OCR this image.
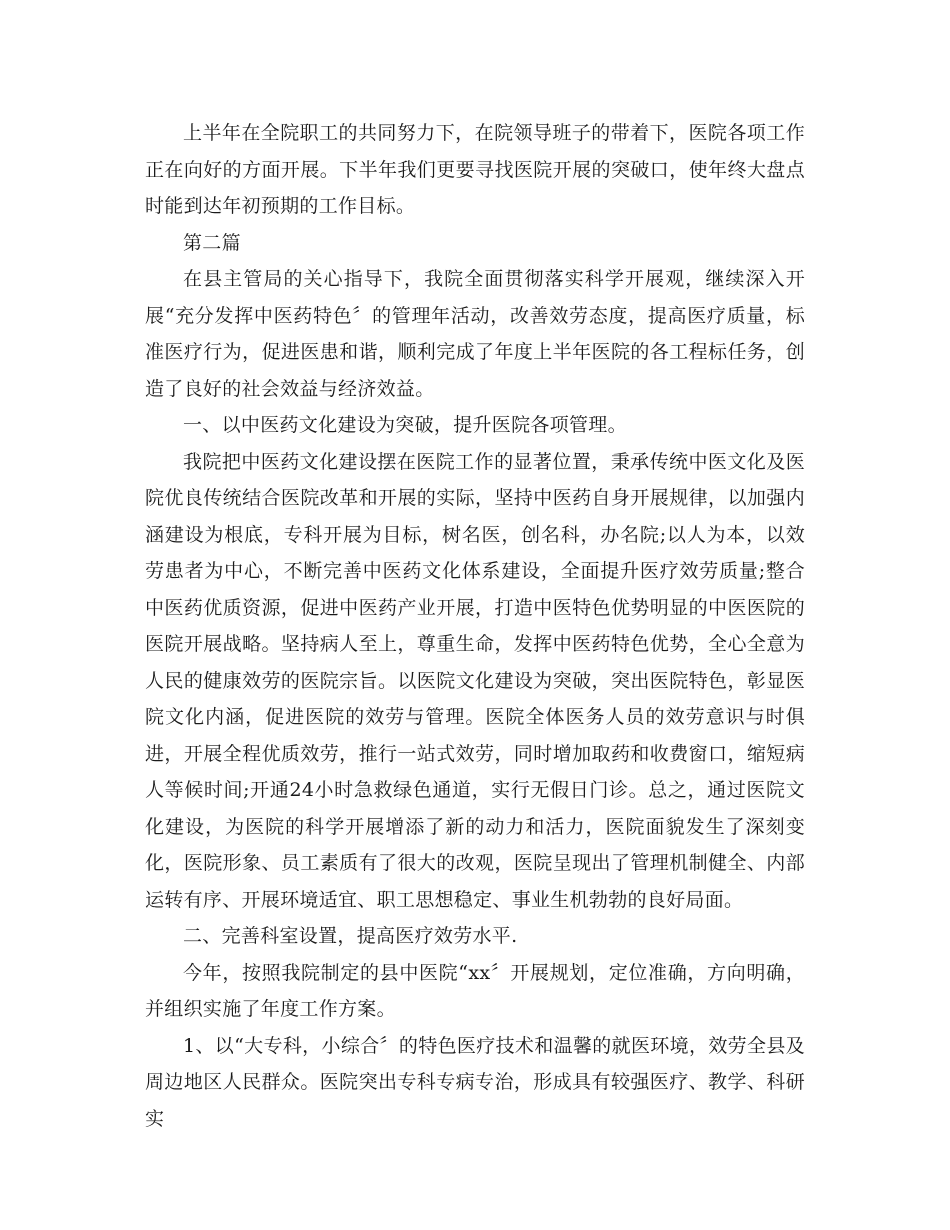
上半年在全院职工的共同努力下，在院领导班子的带着下，医院各项工作正在向好的方面开展。下半年我们更要寻找医院开展的突破口，使年终大盘点时能到达年初预期的工作目标。

第二篇

在县主管局的关心指导下，我院全面贯彻落实科学开展观，继续深入开展“充分发挥中医药特色〞的管理年活动，改善效劳态度，提高医疗质量，标准医疗行为，促进医患和谐，顺利完成了年度上半年医院的各工程标任务，创造了良好的社会效益与经济效益。

一、以中医药文化建设为突破，提升医院各项管理。

我院把中医药文化建设摆在医院工作的显著位置，秉承传统中医文化及医院优良传统结合医院改革和开展的实际，坚持中医药自身开展规律，以加强内涵建设为根底，专科开展为目标，树名医，创名科，办名院;以人为本，以效劳患者为中心，不断完善中医药文化体系建设，全面提升医疗效劳质量;整合中医药优质资源，促进中医药产业开展，打造中医特色优势明显的中医医院的医院开展战略。坚持病人至上，尊重生命，发挥中医药特色优势，全心全意为人民的健康效劳的医院宗旨。以医院文化建设为突破，突出医院特色，彰显医院文化内涵，促进医院的效劳与管理。医院全体医务人员的效劳意识与时俱进，开展全程优质效劳，推行一站式效劳，同时增加取药和收费窗口，缩短病人等候时间;开通24小时急救绿色通道，实行无假日门诊。总之，通过医院文化建设，为医院的科学开展增添了新的动力和活力，医院面貌发生了深刻变化，医院形象、员工素质有了很大的改观，医院呈现出了管理机制健全、内部运转有序、开展环境适宜、职工思想稳定、事业生机勃勃的良好局面。

二、完善科室设置，提高医疗效劳水平.

今年，按照我院制定的县中医院“xx〞开展规划，定位准确，方向明确，并组织实施了年度工作方案。

1、以“大专科，小综合〞的特色医疗技术和温馨的就医环境，效劳全县及周边地区人民群众。医院突出专科专病专治，形成具有较强医疗、教学、科研实
